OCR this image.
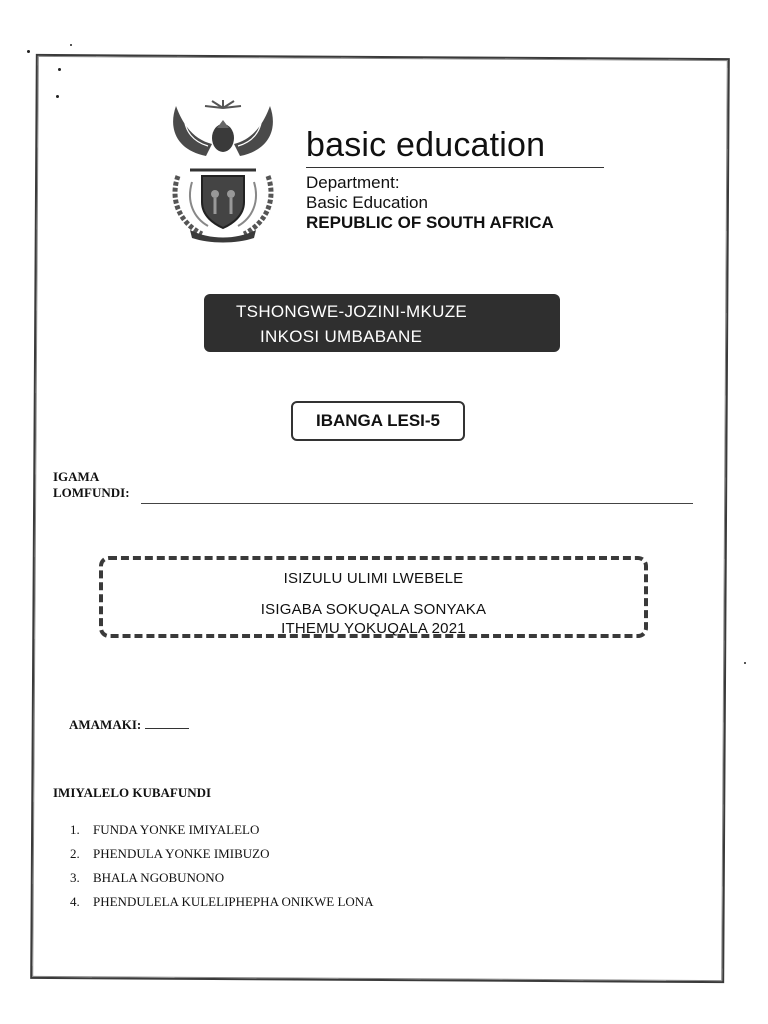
basic education
Department:
Basic Education
REPUBLIC OF SOUTH AFRICA
TSHONGWE-JOZINI-MKUZE
INKOSI UMBABANE
IBANGA LESI-5
IGAMA
LOMFUNDI:
ISIZULU ULIMI LWEBELE
ISIGABA SOKUQALA SONYAKA
ITHEMU YOKUQALA 2021
AMAMAKI:
IMIYALELO KUBAFUNDI
1.	FUNDA YONKE IMIYALELO
2.	PHENDULA YONKE IMIBUZO
3.	BHALA NGOBUNONO
4.	PHENDULELA KULELIPHEPHA ONIKWE LONA
